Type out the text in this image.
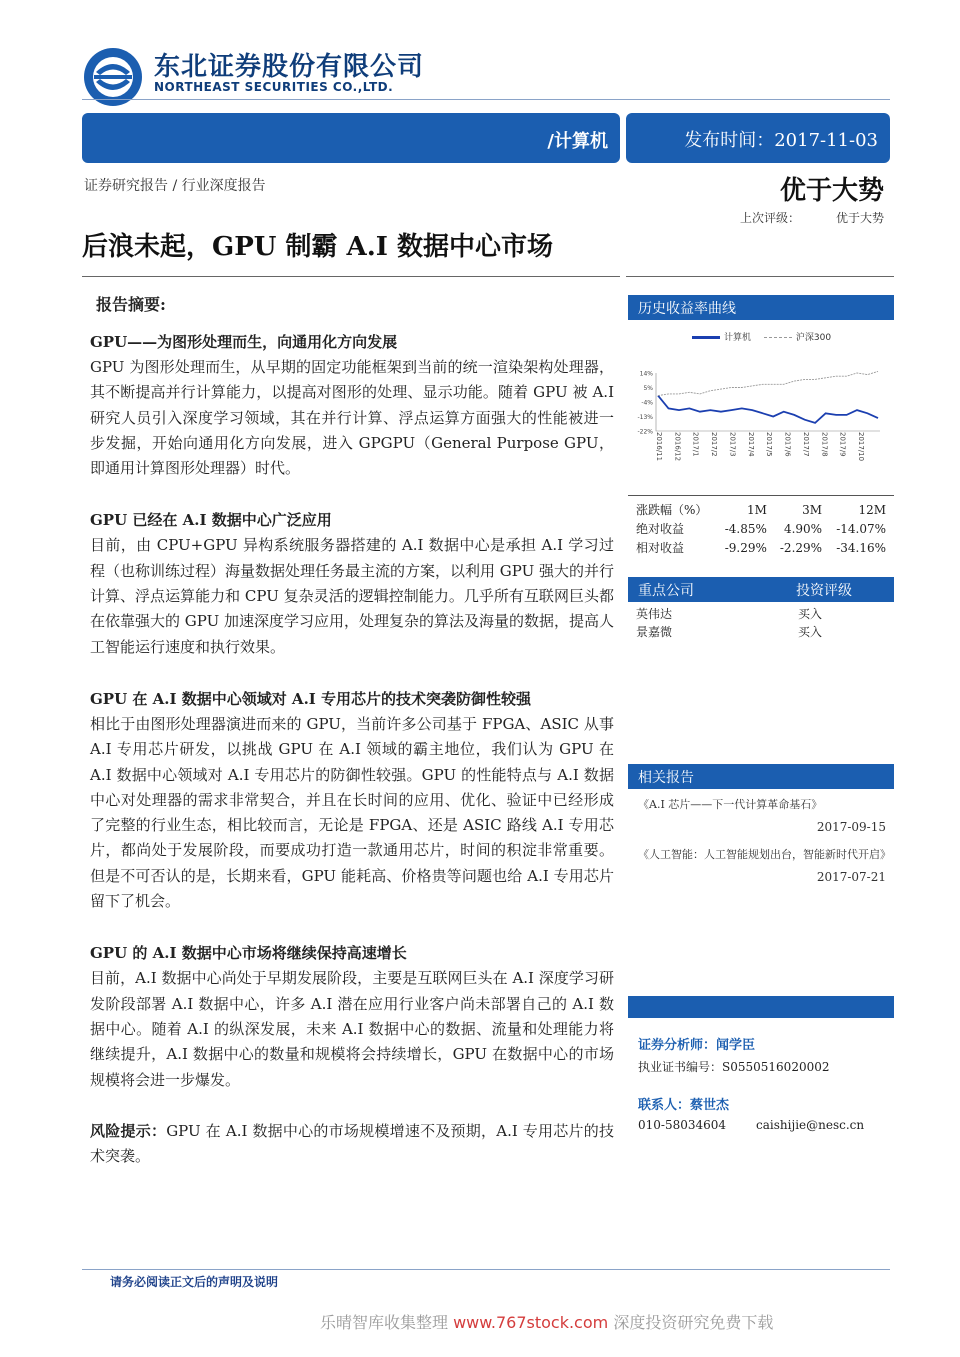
东北证券股份有限公司
NORTHEAST SECURITIES CO.,LTD.
/计算机	发布时间：2017-11-03
证券研究报告 / 行业深度报告	优于大势
上次评级：	优于大势
后浪未起，GPU 制霸 A.I 数据中心市场
报告摘要:

GPU——为图形处理而生，向通用化方向发展

GPU 为图形处理而生，从早期的固定功能框架到当前的统一渲染架构处理器，其不断提高并行计算能力，以提高对图形的处理、显示功能。随着 GPU 被 A.I 研究人员引入深度学习领域，其在并行计算、浮点运算方面强大的性能被进一步发掘，开始向通用化方向发展，进入 GPGPU（General Purpose GPU，即通用计算图形处理器）时代。

GPU 已经在 A.I 数据中心广泛应用

目前，由 CPU+GPU 异构系统服务器搭建的 A.I 数据中心是承担 A.I 学习过程（也称训练过程）海量数据处理任务最主流的方案，以利用 GPU 强大的并行计算、浮点运算能力和 CPU 复杂灵活的逻辑控制能力。几乎所有互联网巨头都在依靠强大的 GPU 加速深度学习应用，处理复杂的算法及海量的数据，提高人工智能运行速度和执行效果。

GPU 在 A.I 数据中心领域对 A.I 专用芯片的技术突袭防御性较强

相比于由图形处理器演进而来的 GPU，当前许多公司基于 FPGA、ASIC 从事 A.I 专用芯片研发，以挑战 GPU 在 A.I 领域的霸主地位，我们认为 GPU 在 A.I 数据中心领域对 A.I 专用芯片的防御性较强。GPU 的性能特点与 A.I 数据中心对处理器的需求非常契合，并且在长时间的应用、优化、验证中已经形成了完整的行业生态，相比较而言，无论是 FPGA、还是 ASIC 路线 A.I 专用芯片，都尚处于发展阶段，而要成功打造一款通用芯片，时间的积淀非常重要。但是不可否认的是，长期来看，GPU 能耗高、价格贵等问题也给 A.I 专用芯片留下了机会。

GPU 的 A.I 数据中心市场将继续保持高速增长

目前，A.I 数据中心尚处于早期发展阶段，主要是互联网巨头在 A.I 深度学习研发阶段部署 A.I 数据中心，许多 A.I 潜在应用行业客户尚未部署自己的 A.I 数据中心。随着 A.I 的纵深发展，未来 A.I 数据中心的数据、流量和处理能力将继续提升，A.I 数据中心的数量和规模将会持续增长，GPU 在数据中心的市场规模将会进一步爆发。

风险提示：GPU 在 A.I 数据中心的市场规模增速不及预期，A.I 专用芯片的技术突袭。

历史收益率曲线
计算机	沪深300
14%
5%
-4%
-13%
-22% 2016/11 2016/12 2017/1 2017/2 2017/3 2017/4 2017/5 2017/6 2017/7 2017/8 2017/9 2017/10
涨跌幅（%）	1M	3M	12M
绝对收益	-4.85%	4.90%	-14.07%
相对收益	-9.29%	-2.29%	-34.16%
重点公司	投资评级
英伟达	买入
景嘉微	买入
相关报告
《A.I 芯片——下一代计算革命基石》
2017-09-15
《人工智能：人工智能规划出台，智能新时代开启》
2017-07-21
证券分析师：闻学臣
执业证书编号：S0550516020002
联系人：蔡世杰
010-58034604	caishijie@nesc.cn
请务必阅读正文后的声明及说明
乐晴智库收集整理 www.767stock.com 深度投资研究免费下载
